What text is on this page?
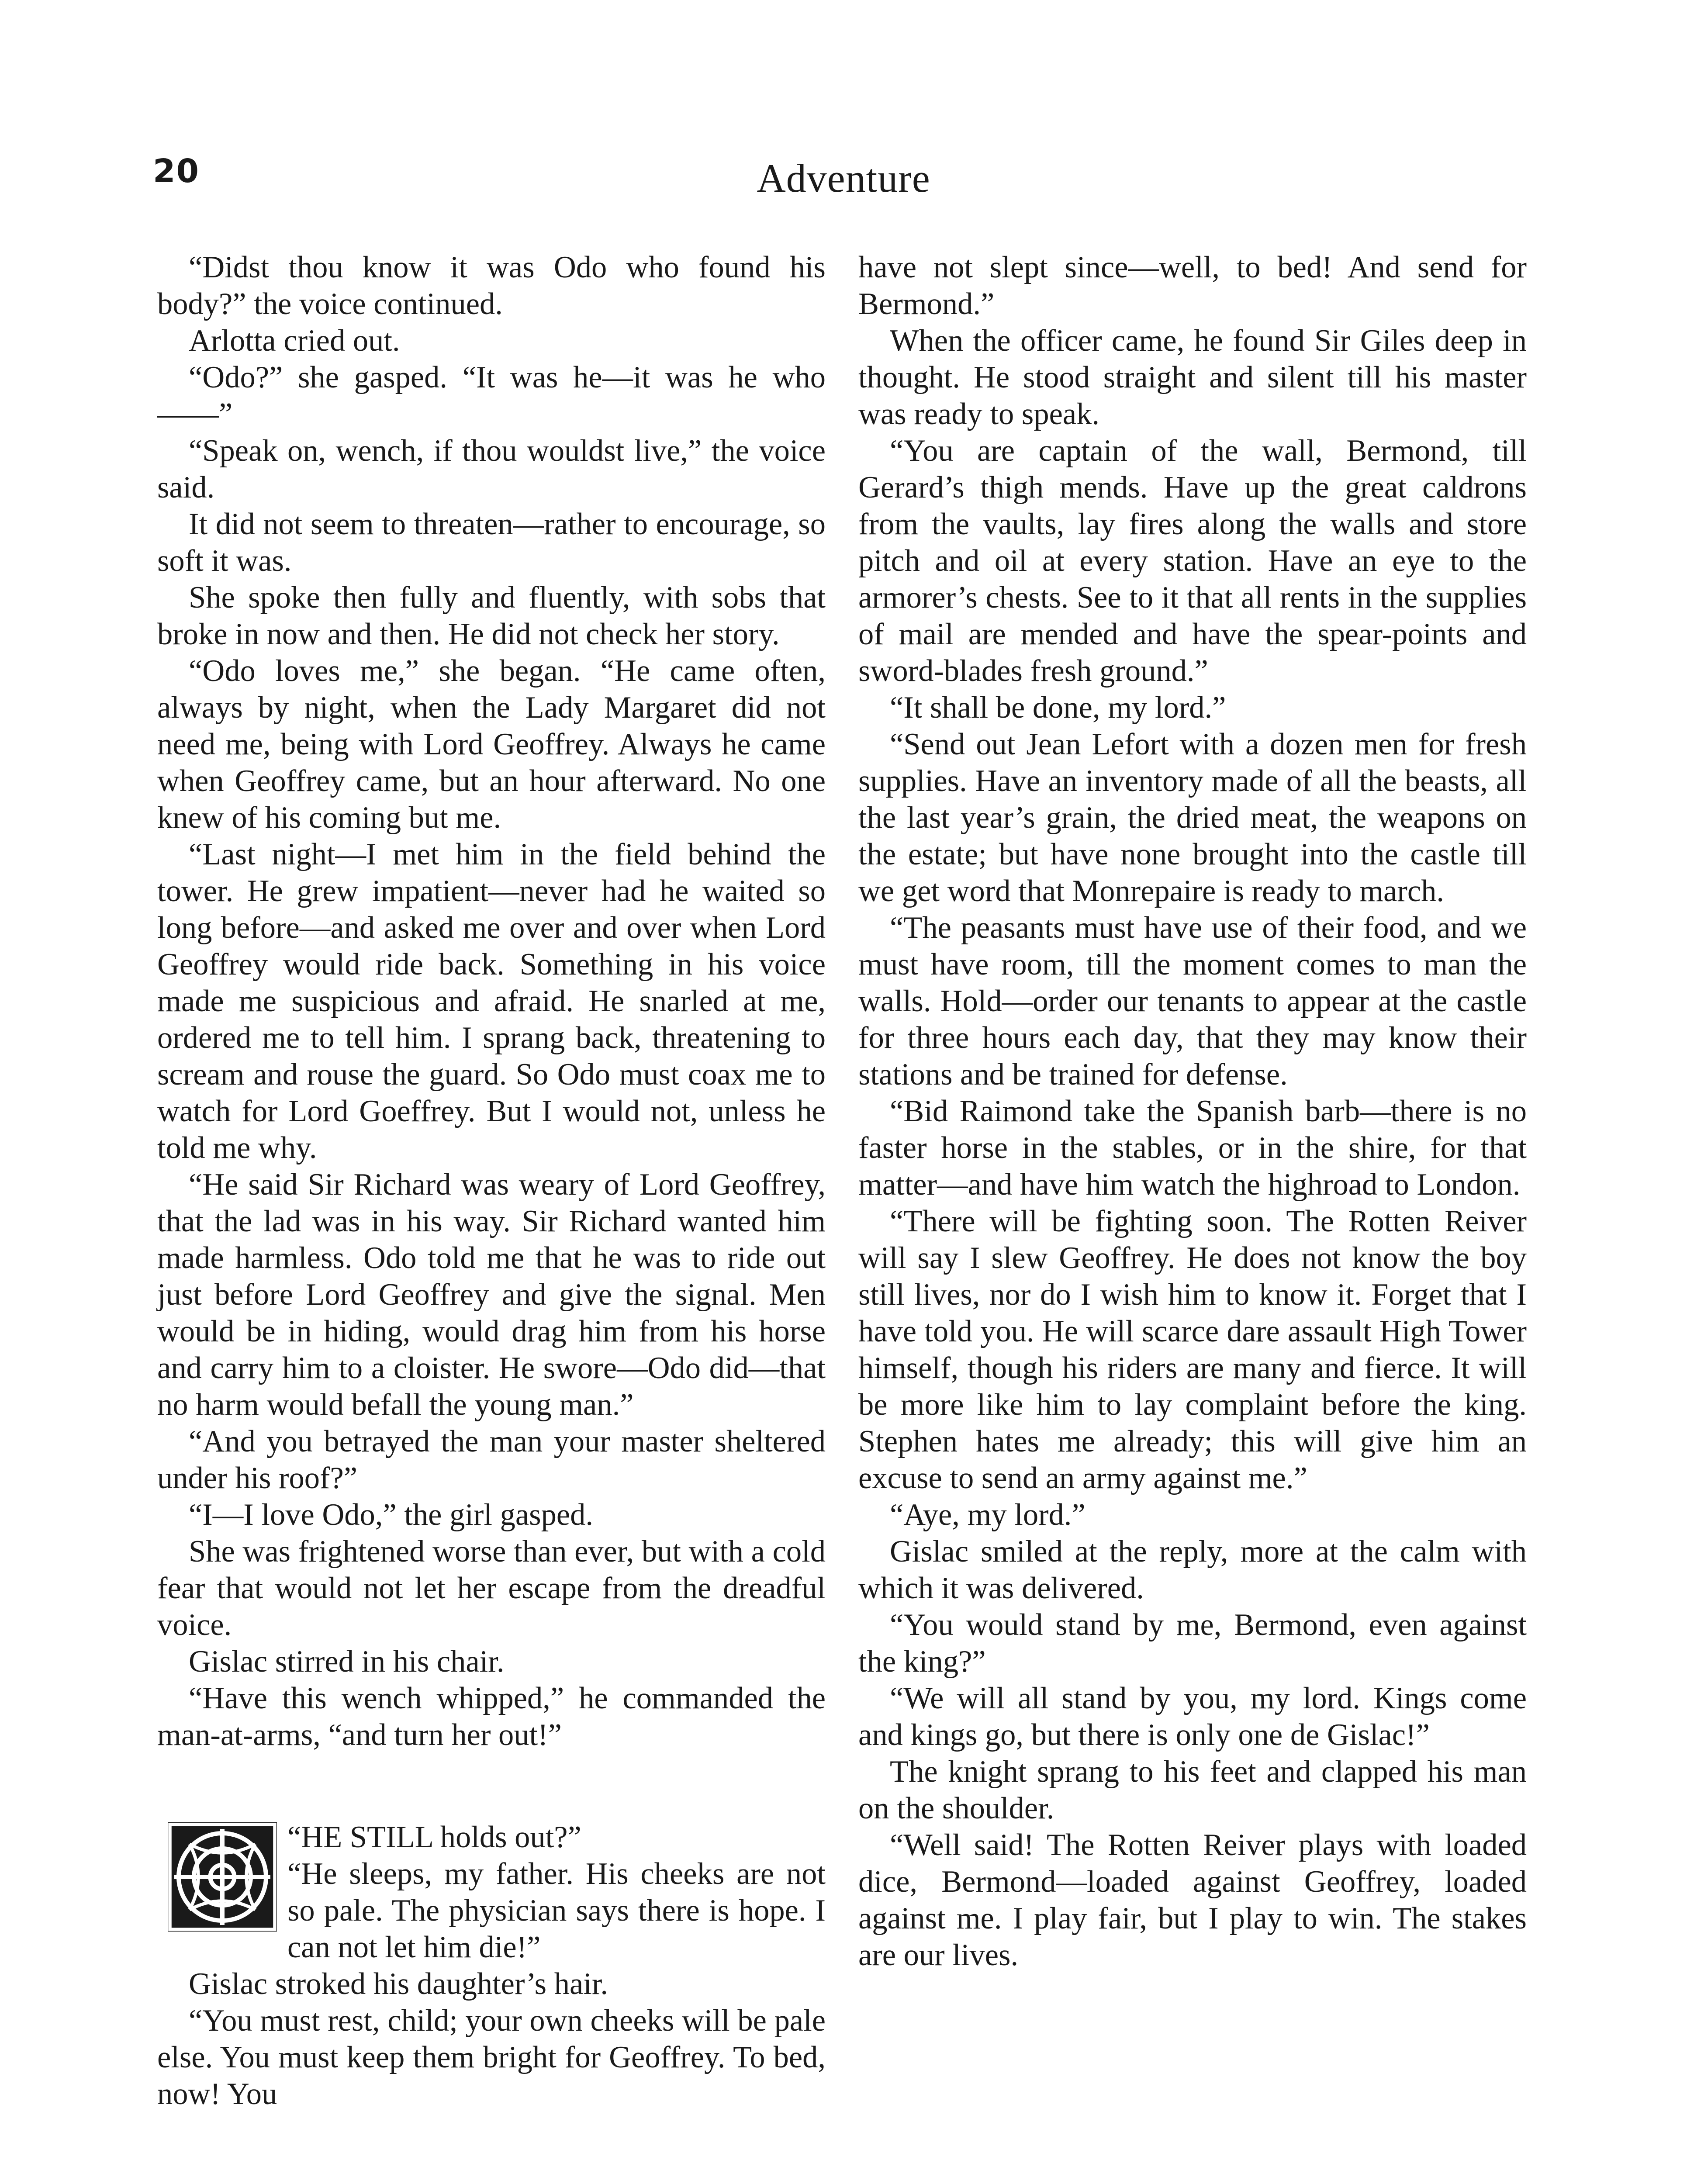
20	Adventure

“Didst thou know it was Odo who found his body?” the voice continued.

Arlotta cried out.

“Odo?” she gasped. “It was he—it was he who——”

“Speak on, wench, if thou wouldst live,” the voice said.

It did not seem to threaten—rather to encourage, so soft it was.

She spoke then fully and fluently, with sobs that broke in now and then. He did not check her story.

“Odo loves me,” she began. “He came often, always by night, when the Lady Margaret did not need me, being with Lord Geoffrey. Always he came when Geoffrey came, but an hour afterward. No one knew of his coming but me.

“Last night—I met him in the field behind the tower. He grew impatient—never had he waited so long before—and asked me over and over when Lord Geoffrey would ride back. Something in his voice made me suspicious and afraid. He snarled at me, ordered me to tell him. I sprang back, threatening to scream and rouse the guard. So Odo must coax me to watch for Lord Goeffrey. But I would not, unless he told me why.

“He said Sir Richard was weary of Lord Geoffrey, that the lad was in his way. Sir Richard wanted him made harmless. Odo told me that he was to ride out just before Lord Geoffrey and give the signal. Men would be in hiding, would drag him from his horse and carry him to a cloister. He swore—Odo did—that no harm would befall the young man.”

“And you betrayed the man your master sheltered under his roof?”

“I—I love Odo,” the girl gasped.

She was frightened worse than ever, but with a cold fear that would not let her escape from the dreadful voice.

Gislac stirred in his chair.

“Have this wench whipped,” he commanded the man-at-arms, “and turn her out!”

“HE STILL holds out?”

“He sleeps, my father. His cheeks are not so pale. The physician says there is hope. I can not let him die!”

Gislac stroked his daughter’s hair.

“You must rest, child; your own cheeks will be pale else. You must keep them bright for Geoffrey. To bed, now! You

have not slept since—well, to bed! And send for Bermond.”

When the officer came, he found Sir Giles deep in thought. He stood straight and silent till his master was ready to speak.

“You are captain of the wall, Bermond, till Gerard’s thigh mends. Have up the great caldrons from the vaults, lay fires along the walls and store pitch and oil at every station. Have an eye to the armorer’s chests. See to it that all rents in the supplies of mail are mended and have the spear-points and sword-blades fresh ground.”

“It shall be done, my lord.”

“Send out Jean Lefort with a dozen men for fresh supplies. Have an inventory made of all the beasts, all the last year’s grain, the dried meat, the weapons on the estate; but have none brought into the castle till we get word that Monrepaire is ready to march.

“The peasants must have use of their food, and we must have room, till the moment comes to man the walls. Hold—order our tenants to appear at the castle for three hours each day, that they may know their stations and be trained for defense.

“Bid Raimond take the Spanish barb—there is no faster horse in the stables, or in the shire, for that matter—and have him watch the highroad to London.

“There will be fighting soon. The Rotten Reiver will say I slew Geoffrey. He does not know the boy still lives, nor do I wish him to know it. Forget that I have told you. He will scarce dare assault High Tower himself, though his riders are many and fierce. It will be more like him to lay complaint before the king. Stephen hates me already; this will give him an excuse to send an army against me.”

“Aye, my lord.”

Gislac smiled at the reply, more at the calm with which it was delivered.

“You would stand by me, Bermond, even against the king?”

“We will all stand by you, my lord. Kings come and kings go, but there is only one de Gislac!”

The knight sprang to his feet and clapped his man on the shoulder.

“Well said! The Rotten Reiver plays with loaded dice, Bermond—loaded against Geoffrey, loaded against me. I play fair, but I play to win. The stakes are our lives.
